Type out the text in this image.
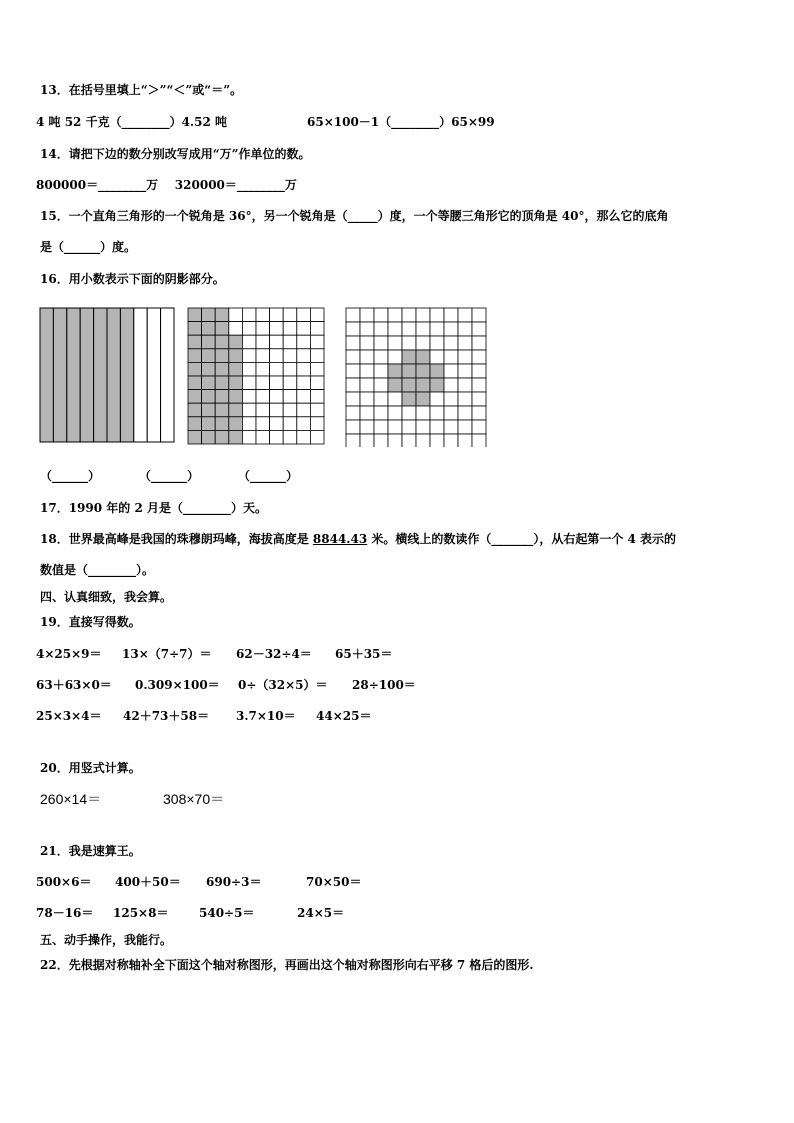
13．在括号里填上“＞”“＜”或“＝”。
4 吨 52 千克（________）4.52 吨	65×100－1（________）65×99
14．请把下边的数分别改写成用“万”作单位的数。
800000＝________万    320000＝________万
15．一个直角三角形的一个锐角是 36°，另一个锐角是（_____）度，一个等腰三角形它的顶角是 40°，那么它的底角
是（______）度。
16．用小数表示下面的阴影部分。
（______）	（______）	（______）
17．1990 年的 2 月是（________）天。
18．世界最高峰是我国的珠穆朗玛峰，海拔高度是 8844.43 米。横线上的数读作（_______），从右起第一个 4 表示的
数值是（________）。
四、认真细致，我会算。
19．直接写得数。
4×25×9＝ 13×（7÷7）＝ 62－32÷4＝ 65＋35＝
63＋63×0＝ 0.309×100＝ 0÷（32×5）＝ 28÷100＝
25×3×4＝ 42＋73＋58＝ 3.7×10＝ 44×25＝
20．用竖式计算。
260×14＝	308×70＝
21．我是速算王。
500×6＝ 400＋50＝ 690÷3＝	70×50＝
78－16＝ 125×8＝	540÷5＝	24×5＝
五、动手操作，我能行。
22．先根据对称轴补全下面这个轴对称图形，再画出这个轴对称图形向右平移 7 格后的图形.
